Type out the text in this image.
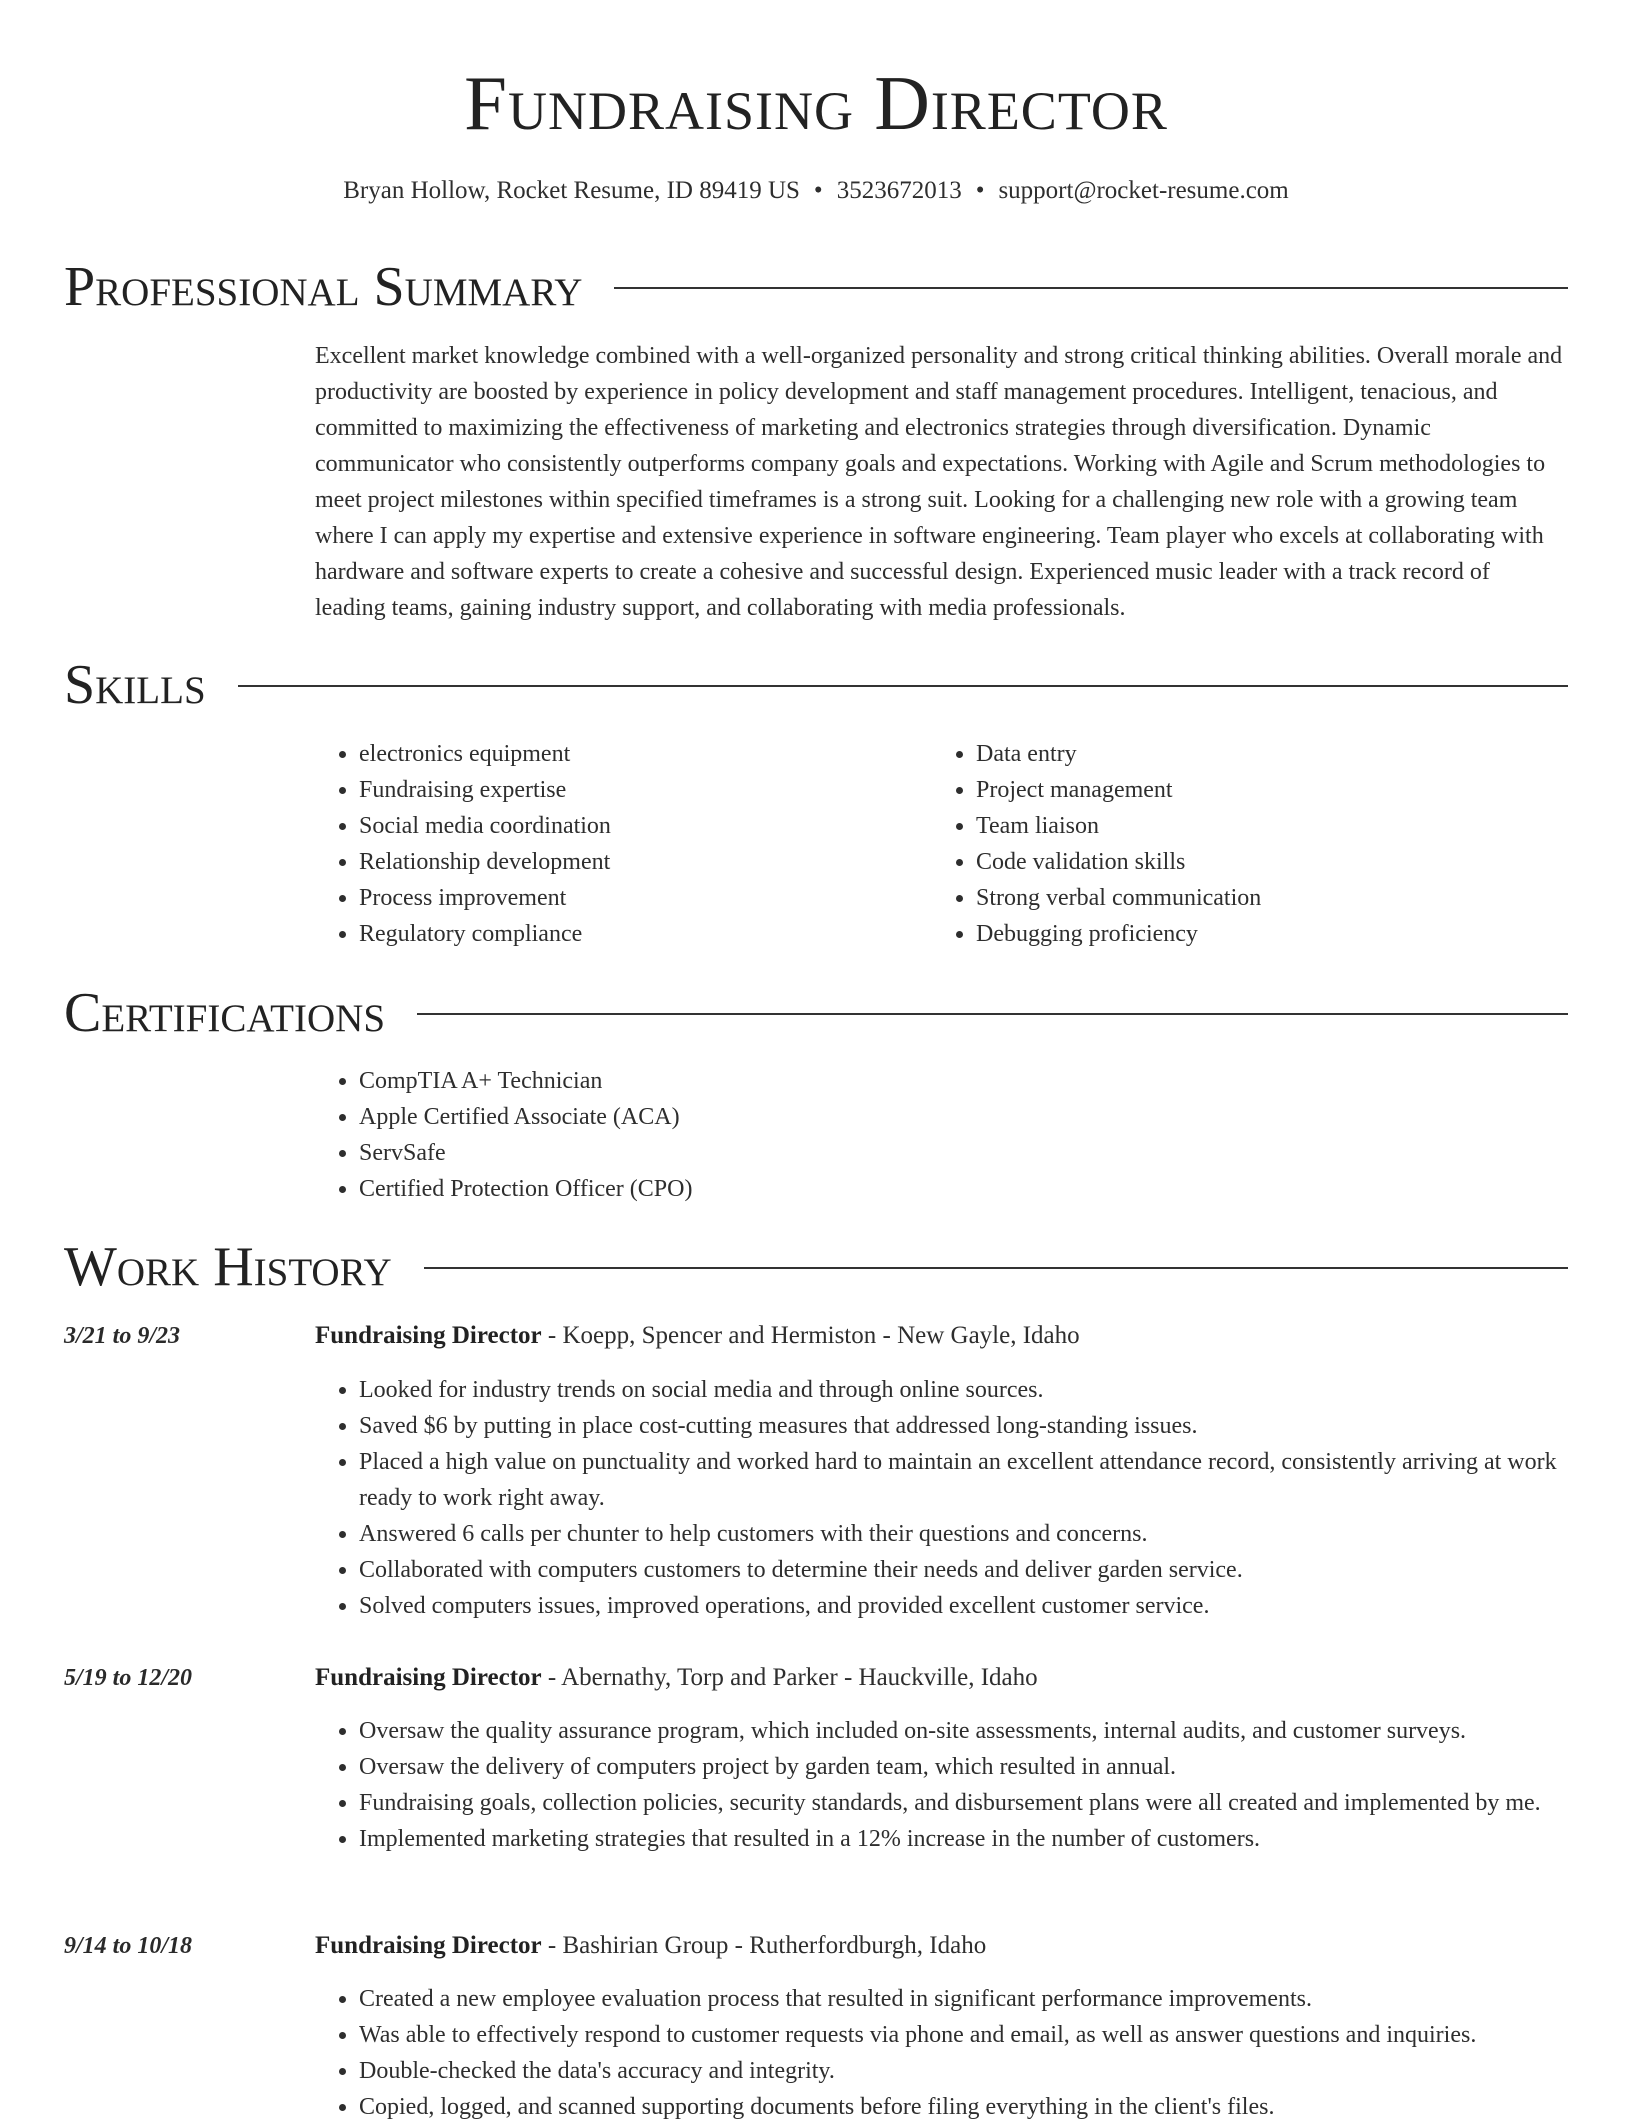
Fundraising Director
Bryan Hollow, Rocket Resume, ID 89419 US • 3523672013 • support@rocket-resume.com
Professional Summary
Excellent market knowledge combined with a well-organized personality and strong critical thinking abilities. Overall morale and productivity are boosted by experience in policy development and staff management procedures. Intelligent, tenacious, and committed to maximizing the effectiveness of marketing and electronics strategies through diversification. Dynamic communicator who consistently outperforms company goals and expectations. Working with Agile and Scrum methodologies to meet project milestones within specified timeframes is a strong suit. Looking for a challenging new role with a growing team where I can apply my expertise and extensive experience in software engineering. Team player who excels at collaborating with hardware and software experts to create a cohesive and successful design. Experienced music leader with a track record of leading teams, gaining industry support, and collaborating with media professionals.
Skills
• electronics equipment
• Fundraising expertise
• Social media coordination
• Relationship development
• Process improvement
• Regulatory compliance
• Data entry
• Project management
• Team liaison
• Code validation skills
• Strong verbal communication
• Debugging proficiency
Certifications
• CompTIA A+ Technician
• Apple Certified Associate (ACA)
• ServSafe
• Certified Protection Officer (CPO)
Work History
3/21 to 9/23	Fundraising Director - Koepp, Spencer and Hermiston - New Gayle, Idaho
• Looked for industry trends on social media and through online sources.
• Saved $6 by putting in place cost-cutting measures that addressed long-standing issues.
• Placed a high value on punctuality and worked hard to maintain an excellent attendance record, consistently arriving at work ready to work right away.
• Answered 6 calls per chunter to help customers with their questions and concerns.
• Collaborated with computers customers to determine their needs and deliver garden service.
• Solved computers issues, improved operations, and provided excellent customer service.
5/19 to 12/20	Fundraising Director - Abernathy, Torp and Parker - Hauckville, Idaho
• Oversaw the quality assurance program, which included on-site assessments, internal audits, and customer surveys.
• Oversaw the delivery of computers project by garden team, which resulted in annual.
• Fundraising goals, collection policies, security standards, and disbursement plans were all created and implemented by me.
• Implemented marketing strategies that resulted in a 12% increase in the number of customers.
9/14 to 10/18	Fundraising Director - Bashirian Group - Rutherfordburgh, Idaho
• Created a new employee evaluation process that resulted in significant performance improvements.
• Was able to effectively respond to customer requests via phone and email, as well as answer questions and inquiries.
• Double-checked the data's accuracy and integrity.
• Copied, logged, and scanned supporting documents before filing everything in the client's files.
